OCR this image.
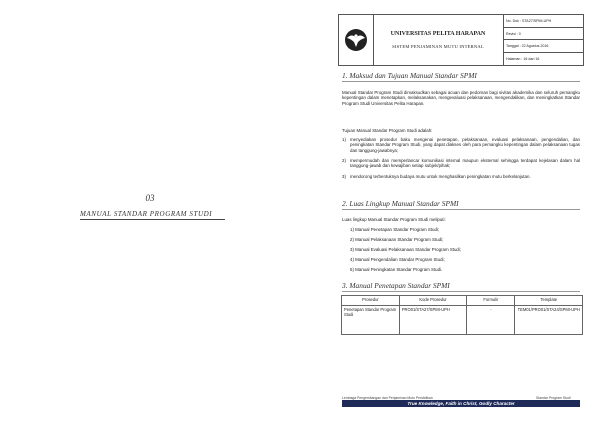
03
MANUAL STANDAR PROGRAM STUDI
UNIVERSITAS PELITA HARAPAN
SISTEM PENJAMINAN MUTU INTERNAL
No. Dok : STA27/SPMI-UPH
Revisi : 0
Tanggal : 22 Agustus 2016
Halaman : 16 dari 16
1. Maksud dan Tujuan Manual Standar SPMI
Manual Standar Program Studi dimaksudkan sebagai acuan dan pedoman bagi sivitas akademika dan seluruh pemangku kepentingan dalam menetapkan, melaksanakan, mengevaluasi pelaksanaan, mengendalikan, dan meningkatkan Standar Program Studi Universitas Pelita Harapan.
Tujuan Manual Standar Program Studi adalah:
1) menyediakan prosedur baku mengenai penetapan, pelaksanaan, evaluasi pelaksanaan, pengendalian, dan peningkatan Standar Program Studi, yang dapat diakses oleh para pemangku kepentingan dalam pelaksanaan tugas dan tanggung-jawabnya;
2) mempermudah dan memperlancar komunikasi internal maupun eksternal sehingga terdapat kejelasan dalam hal tanggung-jawab dan kewajiban setiap subjek/pihak;
3) mendorong terbentuknya budaya mutu untuk menghasilkan peningkatan mutu berkelanjutan.
2. Luas Lingkup Manual Standar SPMI
Luas lingkup Manual Standar Program Studi meliputi:
1) Manual Penetapan Standar Program Studi;
2) Manual Pelaksanaan Standar Program Studi;
3) Manual Evaluasi Pelaksanaan Standar Program Studi;
4) Manual Pengendalian Standar Program Studi;
5) Manual Peningkatan Standar Program Studi.
3. Manual Penetapan Standar SPMI
Prosedur	Kode Prosedur	Formulir	Template
Penetapan Standar Program Studi	PRO01/STA27/SPMI-UPH	-	TEM01/PRO01/STA24/SPMI-UPH
Lembaga Pengembangan dan Penjaminan Mutu Pendidikan	Standar Program Studi
True Knowledge, Faith in Christ, Godly Character
